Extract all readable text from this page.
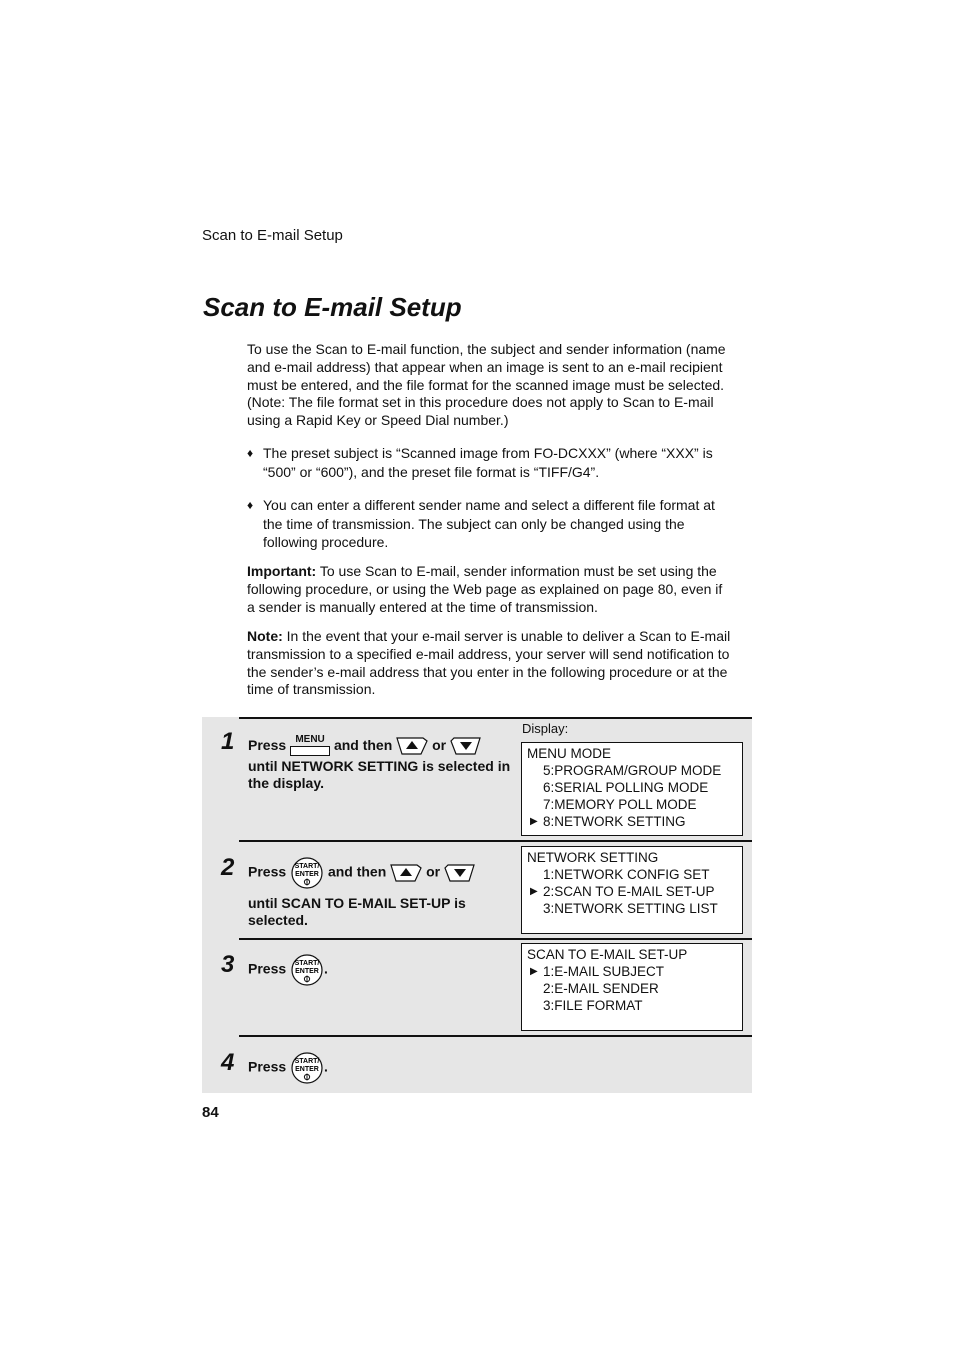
Scan to E-mail Setup
Scan to E-mail Setup

To use the Scan to E-mail function, the subject and sender information (name
and e-mail address) that appear when an image is sent to an e-mail recipient
must be entered, and the file format for the scanned image must be selected.
(Note: The file format set in this procedure does not apply to Scan to E-mail
using a Rapid Key or Speed Dial number.)

♦ The preset subject is “Scanned image from FO-DCXXX” (where “XXX” is
“500” or “600”), and the preset file format is “TIFF/G4”.
♦ You can enter a different sender name and select a different file format at
the time of transmission. The subject can only be changed using the
following procedure.

Important: To use Scan to E-mail, sender information must be set using the
following procedure, or using the Web page as explained on page 80, even if
a sender is manually entered at the time of transmission.

Note: In the event that your e-mail server is unable to deliver a Scan to E-mail
transmission to a specified e-mail address, your server will send notification to
the sender’s e-mail address that you enter in the following procedure or at the
time of transmission.

1 Press MENU and then	or
until NETWORK SETTING is selected in
the display.
2 Press START/
ENTER and then	or
until SCAN TO E-MAIL SET-UP is
selected.
3 Press START/
ENTER .
4 Press START/
ENTER .
Display:
MENU MODE
5:PROGRAM/GROUP MODE
6:SERIAL POLLING MODE
7:MEMORY POLL MODE
▶ 8:NETWORK SETTING
NETWORK SETTING
1:NETWORK CONFIG SET
▶ 2:SCAN TO E-MAIL SET-UP
3:NETWORK SETTING LIST
SCAN TO E-MAIL SET-UP
▶ 1:E-MAIL SUBJECT
2:E-MAIL SENDER
3:FILE FORMAT
84
